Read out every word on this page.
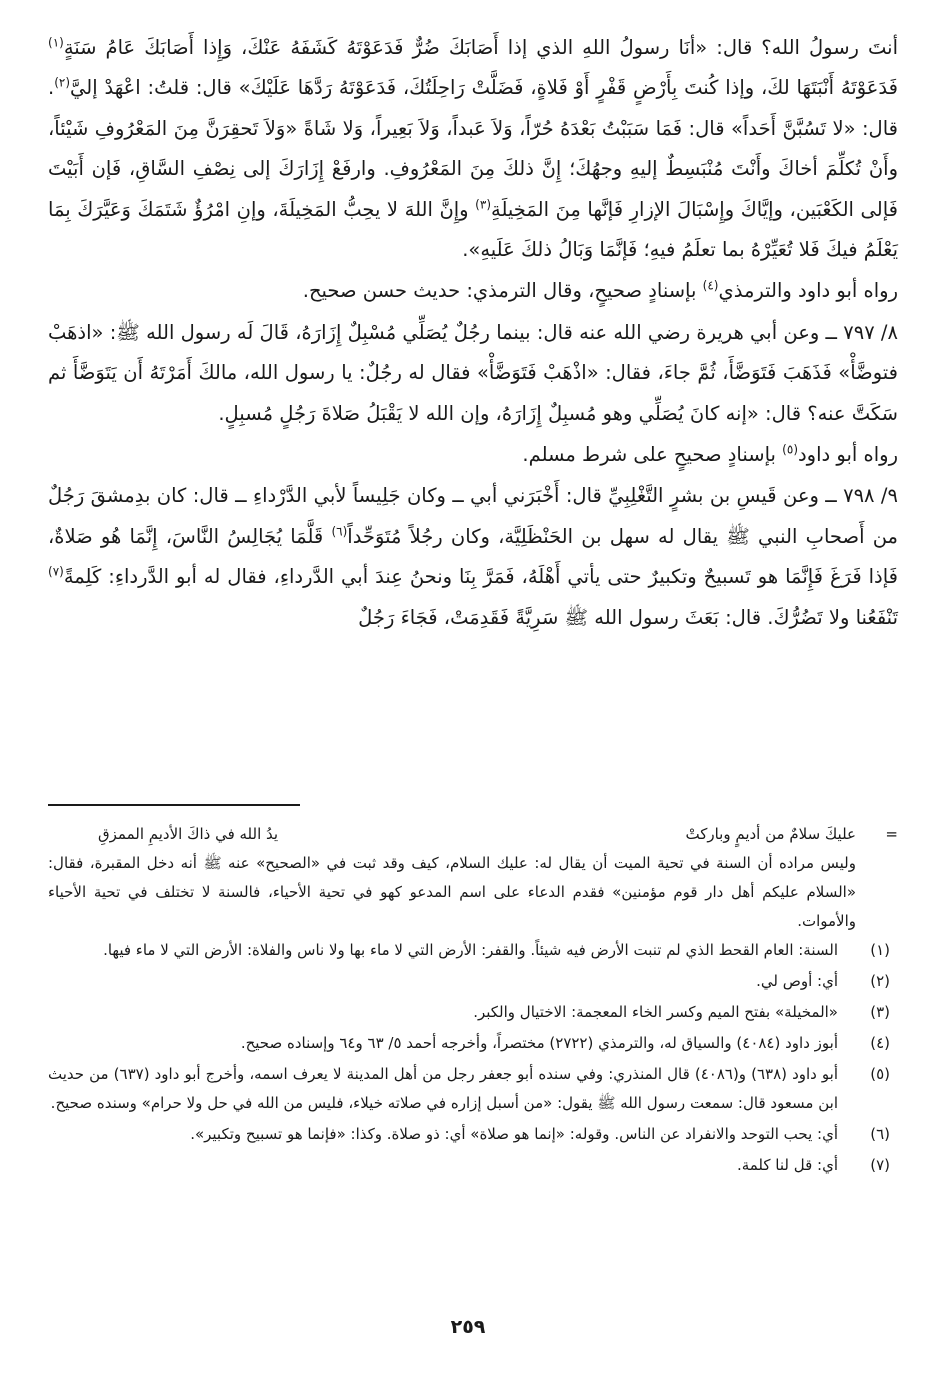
أنتَ رسولُ الله؟ قال: «أنَا رسولُ اللهِ الذي إذا أَصَابَكَ ضُرٌّ فَدَعَوْتَهُ كَشَفَهُ عَنْكَ، وَإِذا أَصَابَكَ عَامُ سَنَةٍ$^{(١)}$ فَدَعَوْتَهُ أَنْبَتَهَا لكَ، وإذا كُنتَ بِأَرْضٍ قَفْرٍ أَوْ فَلاةٍ، فَضَلَّتْ رَاحِلَتُكَ، فَدَعَوْتَهُ رَدَّهَا عَلَيْكَ» قال: قلتُ: اعْهَدْ إليَّ$^{(٢)}$. قال: «لا تَسُبَّنَّ أَحَداً» قال: فَمَا سَبَبْتُ بَعْدَهُ حُرّاً، وَلاَ عَبداً، وَلاَ بَعِيراً، وَلا شَاةً «وَلاَ تَحقِرَنَّ مِنَ المَعْرُوفِ شَيْئاً، وأَنْ تُكلِّمَ أخاكَ وأَنْتَ مُنْبَسِطٌ إليهِ وجهُكَ؛ إِنَّ ذلكَ مِنَ المَعْرُوفِ. وارفَعْ إِزَارَكَ إلى نِصْفِ السَّاقِ، فَإن أَبَيْتَ فَإلى الكَعْبَين، وإيَّاكَ وإِسْبَالَ الإزارِ فَإنَّها مِنَ المَخِيلَةِ$^{(٣)}$ وإِنَّ اللهَ لا يحِبُّ المَخِيلَةَ، وإنِ امْرُؤٌ شَتَمَكَ وَعَيَّرَكَ بِمَا يَعْلَمُ فيكَ فَلا تُعَيِّرْهُ بما تعلَمُ فيهِ؛ فَإنَّمَا وَبَالُ ذلكَ عَلَيهِ».

رواه أبو داود والترمذي$^{(٤)}$ بإسنادٍ صحيحٍ، وقال الترمذي: حديث حسن صحيح.

٨/ ٧٩٧ ــ وعن أبي هريرة رضي الله عنه قال: بينما رجُلٌ يُصَلِّي مُسْبِلٌ إِزَارَهُ، قَالَ لَه رسول الله ﷺ: «اذهَبْ فتوضَّأْ» فَذَهَبَ فَتَوَضَّأَ، ثُمَّ جاءَ، فقال: «اذْهَبْ فَتَوَضَّأْ» فقال له رجُلٌ: يا رسول الله، مالكَ أَمَرْتَهُ أَن يَتَوَضَّأَ ثم سَكَتَّ عنه؟ قال: «إنه كانَ يُصَلِّي وهو مُسبِلٌ إِزَارَهُ، وإن الله لا يَقْبَلُ صَلاةَ رَجُلٍ مُسبِلٍ.

رواه أبو داود$^{(٥)}$ بإسنادٍ صحيحٍ على شرط مسلم.

٩/ ٧٩٨ ــ وعن قَيسِ بن بشرٍ التَّغْلِبِيِّ قال: أَخْبَرَني أبي ــ وكان جَلِيساً لأبي الدَّرْداءِ ــ قال: كان بدِمشقَ رَجُلٌ من أَصحابِ النبي ﷺ يقال له سهل بن الحَنْظَلِيَّة، وكان رجُلاً مُتَوَحِّداً$^{(٦)}$ قَلَّمَا يُجَالِسُ النَّاسَ، إِنَّمَا هُو صَلاةٌ، فَإذا فَرَغَ فَإِنَّمَا هو تَسبيحٌ وتكبيرٌ حتى يأتي أَهْلَهُ، فَمَرَّ بِنَا ونحنُ عِندَ أبي الدَّرداءِ، فقال له أبو الدَّرداءِ: كَلِمةً$^{(٧)}$ تَنْفَعُنا ولا تَضُرُّكَ. قال: بَعَثَ رسول الله ﷺ سَرِيَّةً فَقَدِمَتْ، فَجَاءَ رَجُلٌ

=
عليكَ سلامٌ من أديمٍ وباركتْ
يدُ الله في ذاكَ الأديمِ الممزقِ
وليس مراده أن السنة في تحية الميت أن يقال له: عليك السلام، كيف وقد ثبت في «الصحيح» عنه ﷺ أنه دخل المقبرة، فقال: «السلام عليكم أهل دار قوم مؤمنين» فقدم الدعاء على اسم المدعو كهو في تحية الأحياء، فالسنة لا تختلف في تحية الأحياء والأموات.
(١)
السنة: العام القحط الذي لم تنبت الأرض فيه شيئاً. والقفر: الأرض التي لا ماء بها ولا ناس والفلاة: الأرض التي لا ماء فيها.
(٢)
أي: أوص لي.
(٣)
«المخيلة» بفتح الميم وكسر الخاء المعجمة: الاختيال والكبر.
(٤)
أبوز داود (٤٠٨٤) والسياق له، والترمذي (٢٧٢٢) مختصراً، وأخرجه أحمد ٥/ ٦٣ و٦٤ وإسناده صحيح.
(٥)
أبو داود (٦٣٨) و(٤٠٨٦) قال المنذري: وفي سنده أبو جعفر رجل من أهل المدينة لا يعرف اسمه، وأخرج أبو داود (٦٣٧) من حديث ابن مسعود قال: سمعت رسول الله ﷺ يقول: «من أسبل إزاره في صلاته خيلاء، فليس من الله في حل ولا حرام» وسنده صحيح.
(٦)
أي: يحب التوحد والانفراد عن الناس. وقوله: «إنما هو صلاة» أي: ذو صلاة. وكذا: «فإنما هو تسبيح وتكبير».
(٧)
أي: قل لنا كلمة.
٢٥٩
